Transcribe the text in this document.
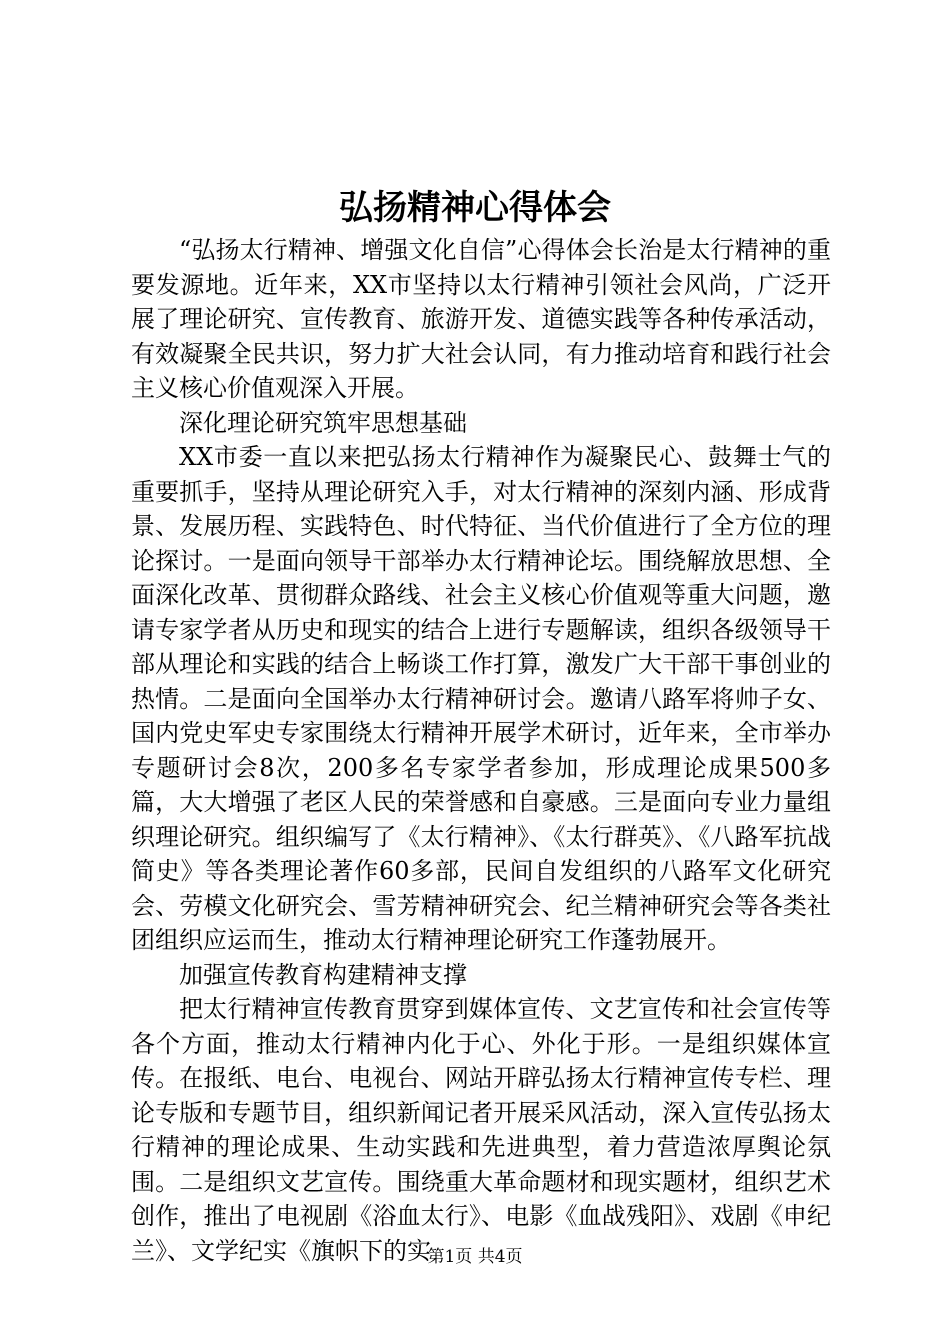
弘扬精神心得体会

“弘扬太行精神、增强文化自信”心得体会长治是太行精神的重要发源地。近年来，XX市坚持以太行精神引领社会风尚，广泛开展了理论研究、宣传教育、旅游开发、道德实践等各种传承活动，有效凝聚全民共识，努力扩大社会认同，有力推动培育和践行社会主义核心价值观深入开展。

深化理论研究筑牢思想基础

XX市委一直以来把弘扬太行精神作为凝聚民心、鼓舞士气的重要抓手，坚持从理论研究入手，对太行精神的深刻内涵、形成背景、发展历程、实践特色、时代特征、当代价值进行了全方位的理论探讨。一是面向领导干部举办太行精神论坛。围绕解放思想、全面深化改革、贯彻群众路线、社会主义核心价值观等重大问题，邀请专家学者从历史和现实的结合上进行专题解读，组织各级领导干部从理论和实践的结合上畅谈工作打算，激发广大干部干事创业的热情。二是面向全国举办太行精神研讨会。邀请八路军将帅子女、国内党史军史专家围绕太行精神开展学术研讨，近年来，全市举办专题研讨会8次，200多名专家学者参加，形成理论成果500多篇，大大增强了老区人民的荣誉感和自豪感。三是面向专业力量组织理论研究。组织编写了《太行精神》、《太行群英》、《八路军抗战简史》等各类理论著作60多部，民间自发组织的八路军文化研究会、劳模文化研究会、雪芳精神研究会、纪兰精神研究会等各类社团组织应运而生，推动太行精神理论研究工作蓬勃展开。

加强宣传教育构建精神支撑

把太行精神宣传教育贯穿到媒体宣传、文艺宣传和社会宣传等各个方面，推动太行精神内化于心、外化于形。一是组织媒体宣传。在报纸、电台、电视台、网站开辟弘扬太行精神宣传专栏、理论专版和专题节目，组织新闻记者开展采风活动，深入宣传弘扬太行精神的理论成果、生动实践和先进典型，着力营造浓厚舆论氛围。二是组织文艺宣传。围绕重大革命题材和现实题材，组织艺术创作，推出了电视剧《浴血太行》、电影《血战残阳》、戏剧《申纪兰》、文学纪实《旗帜下的实

第1页 共4页
